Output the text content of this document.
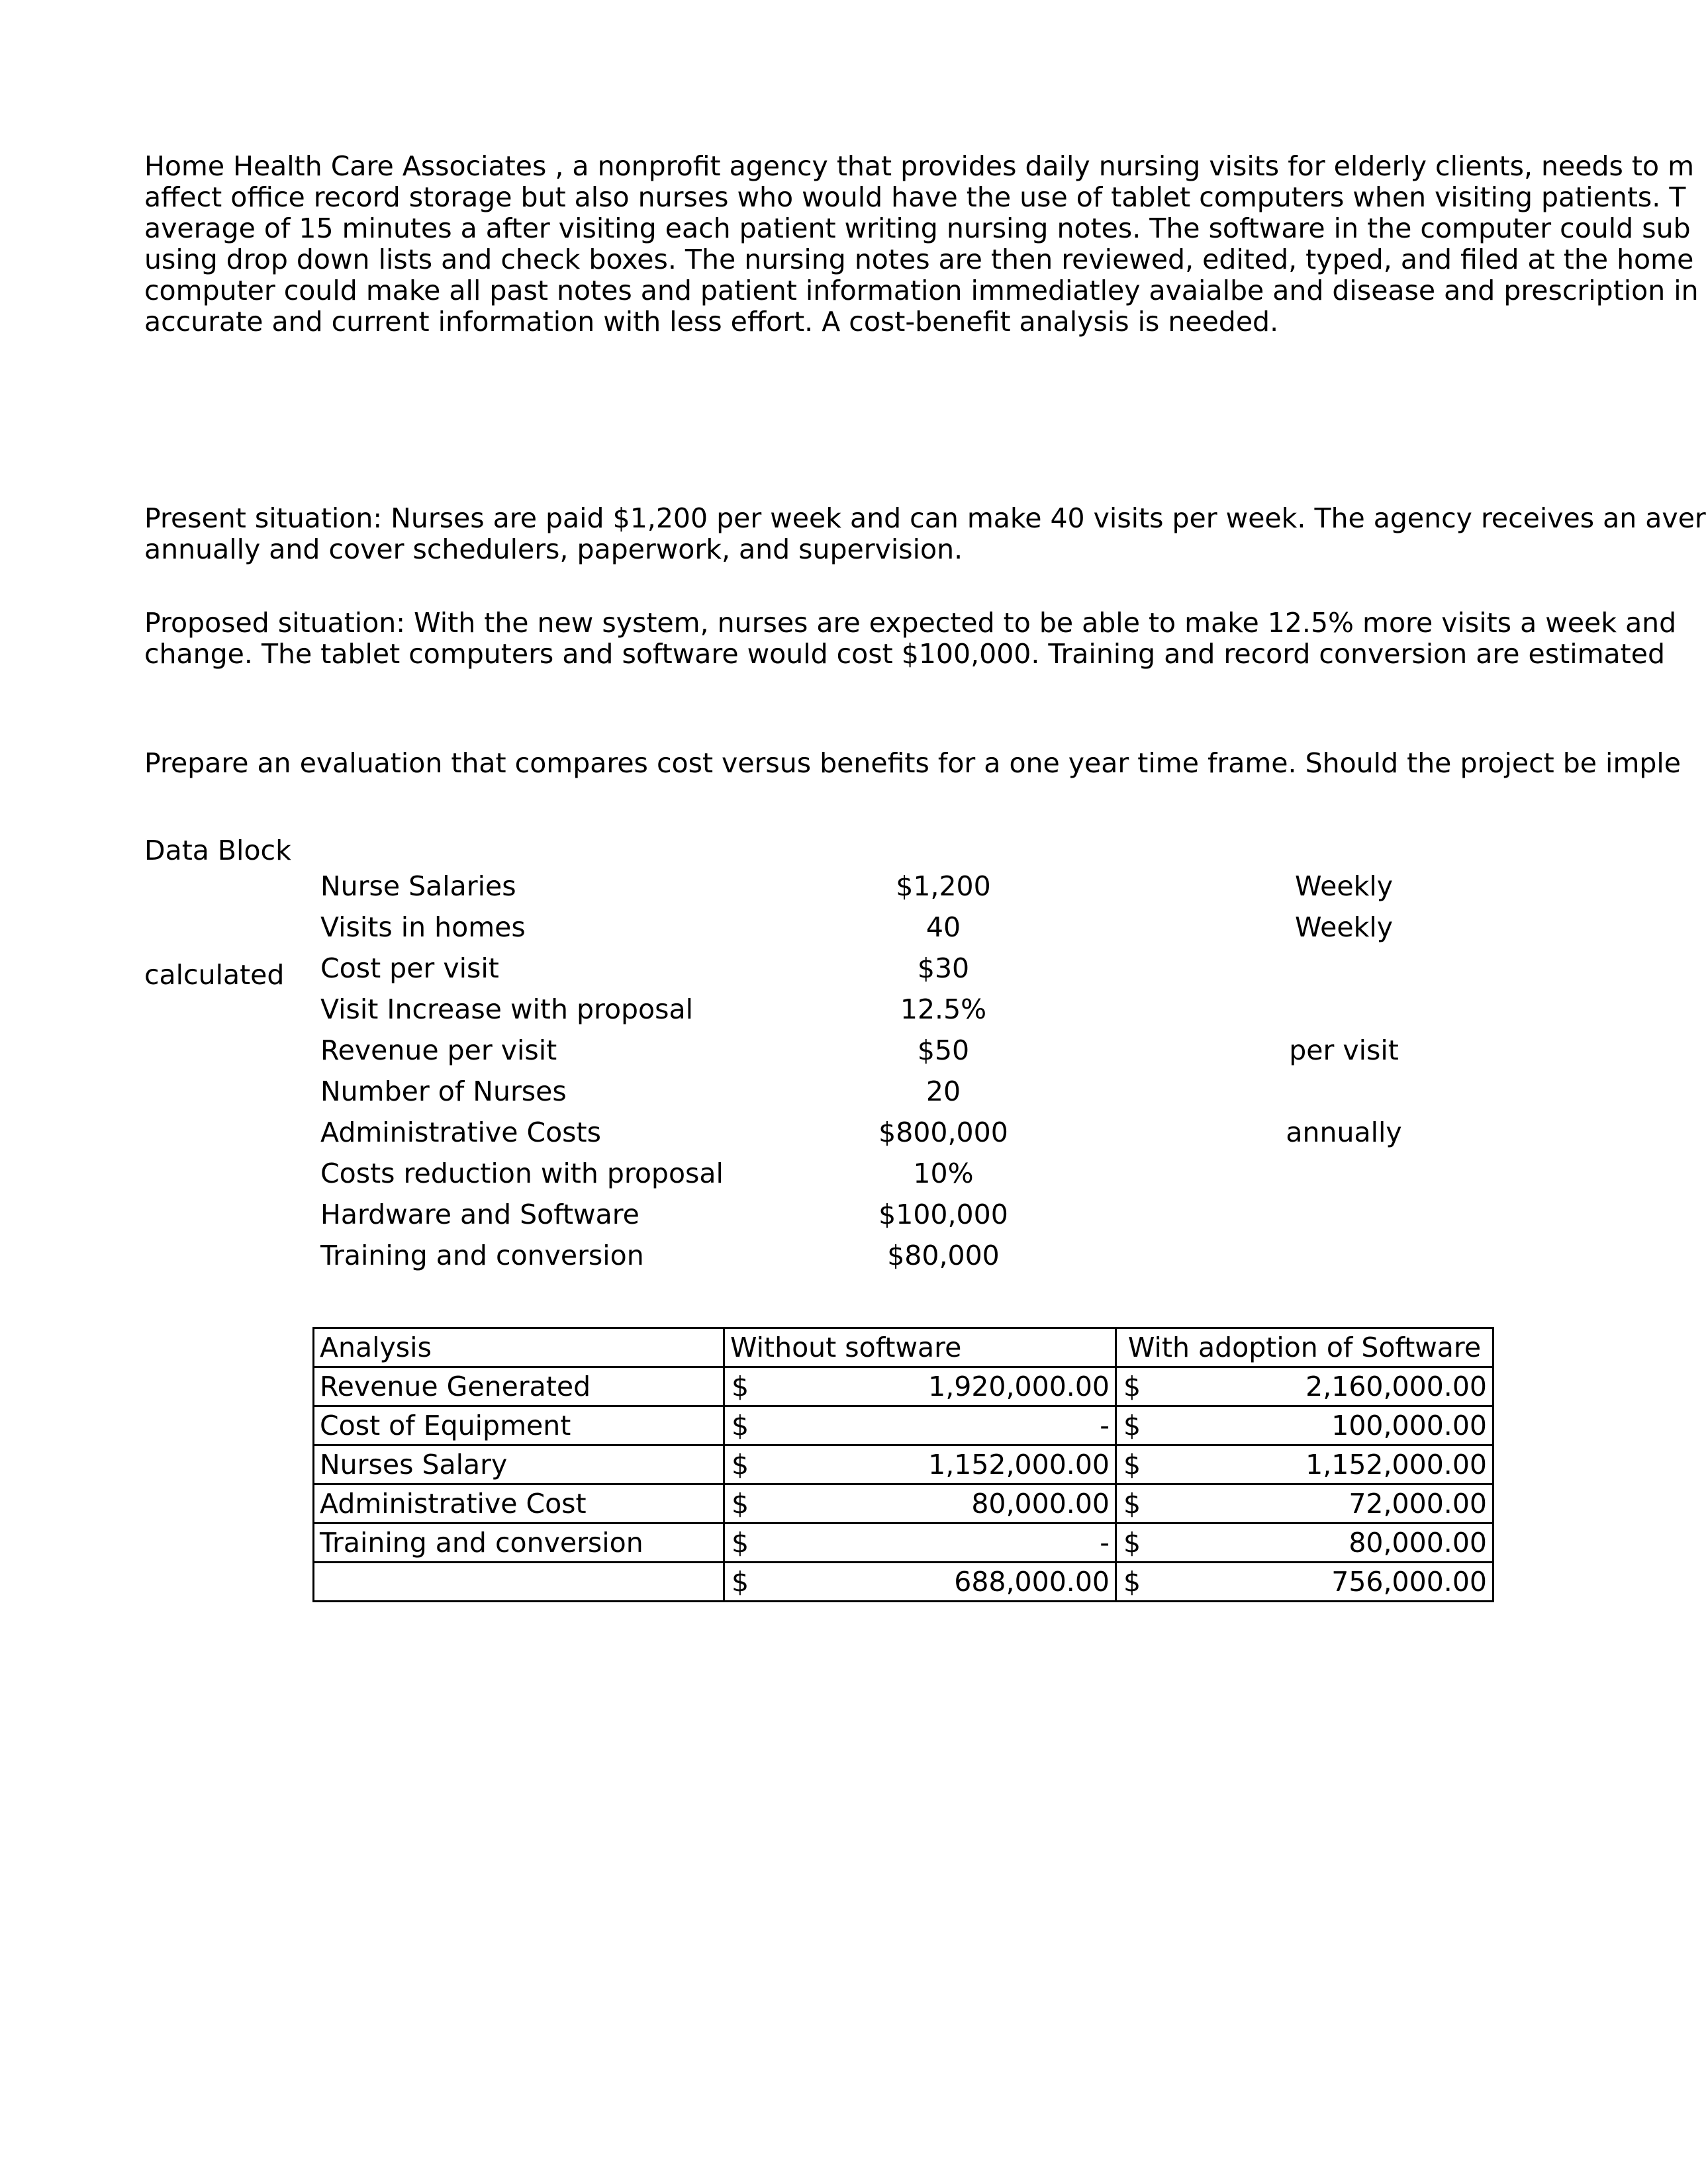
Home Health Care Associates , a nonprofit agency that provides daily nursing visits for elderly clients, needs to m
affect office record storage but also nurses who would have the use of tablet computers when visiting patients. T
average of 15 minutes a after visiting each patient writing nursing notes. The software in the computer could sub
using drop down lists and check boxes. The nursing notes are then reviewed, edited, typed, and filed at the home
computer could make all past notes and patient information immediatley avaialbe and disease and prescription in
accurate and current information with less effort. A cost-benefit analysis is needed.
Present situation: Nurses are paid $1,200 per week and can make 40 visits per week. The agency receives an aver
annually and cover schedulers, paperwork, and supervision.
Proposed situation: With the new system, nurses are expected to be able to make 12.5% more visits a week and
change. The tablet computers and software would cost $100,000. Training and record conversion are estimated
Prepare an evaluation that compares cost versus benefits for a one year time frame. Should the project be imple
Data Block
calculated
Nurse Salaries	$1,200	Weekly
Visits in homes	40	Weekly
Cost per visit	$30
Visit Increase with proposal	12.5%
Revenue per visit	$50	per visit
Number of Nurses	20
Administrative Costs	$800,000	annually
Costs reduction with proposal	10%
Hardware and Software	$100,000
Training and conversion	$80,000
Analysis	Without software	With adoption of Software
Revenue Generated	$ 1,920,000.00	$ 2,160,000.00

Cost of Equipment	$ -	$ 100,000.00

Nurses Salary	$ 1,152,000.00	$ 1,152,000.00

Administrative Cost	$ 80,000.00	$ 72,000.00

Training and conversion	$ -	$ 80,000.00

	$ 688,000.00	$ 756,000.00
